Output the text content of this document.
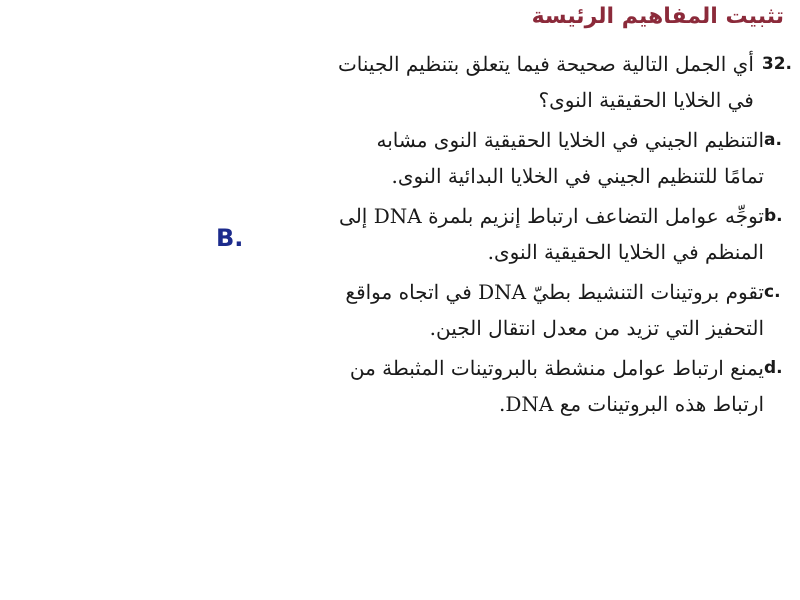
تثبيت المفاهيم الرئيسة
32.
أي الجمل التالية صحيحة فيما يتعلق بتنظيم الجينات في الخلايا الحقيقية النوى؟
a.
التنظيم الجيني في الخلايا الحقيقية النوى مشابه تمامًا للتنظيم الجيني في الخلايا البدائية النوى.
b.
توجِّه عوامل التضاعف ارتباط إنزيم بلمرة DNA إلى المنظم في الخلايا الحقيقية النوى.
c.
تقوم بروتينات التنشيط بطيّ DNA في اتجاه مواقع التحفيز التي تزيد من معدل انتقال الجين.
d.
يمنع ارتباط عوامل منشطة بالبروتينات المثبطة من ارتباط هذه البروتينات مع DNA.
B.
